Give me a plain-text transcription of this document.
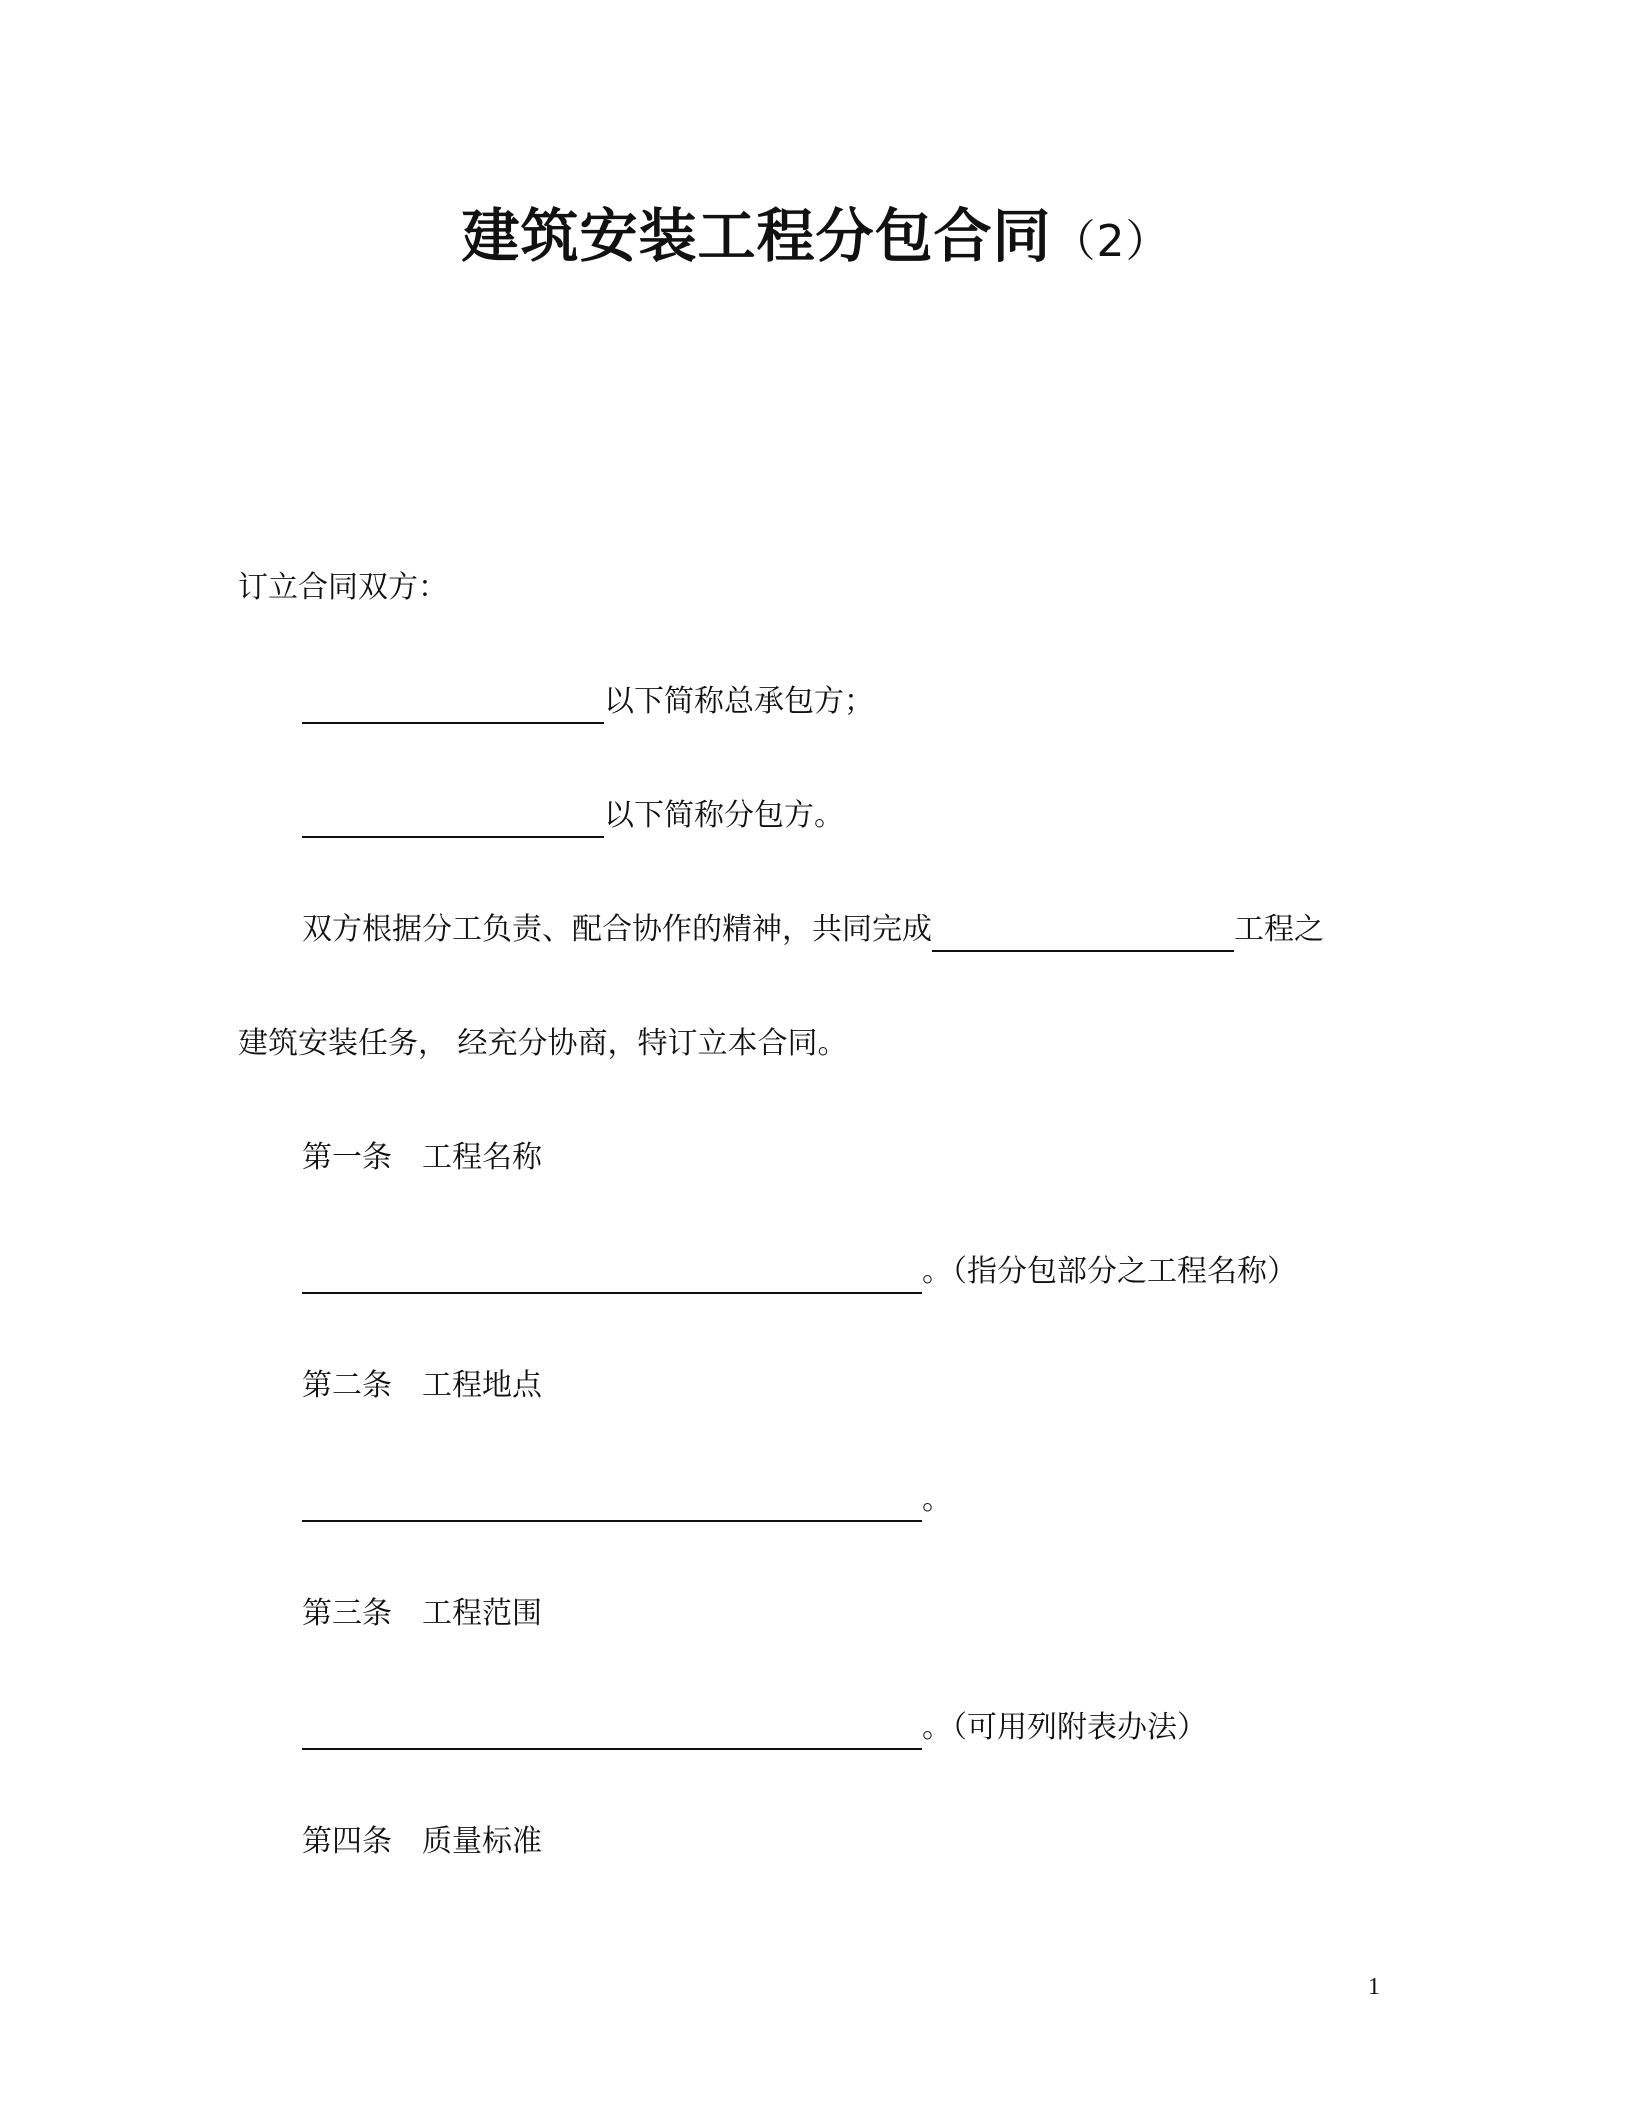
建筑安装工程分包合同（2）
订立合同双方：
以下简称总承包方；
以下简称分包方。
双方根据分工负责、配合协作的精神，共同完成	工程之
建筑安装任务， 经充分协商，特订立本合同。
第一条 工程名称
。（指分包部分之工程名称）
第二条 工程地点
。
第三条 工程范围
。（可用列附表办法）
第四条 质量标准
1
